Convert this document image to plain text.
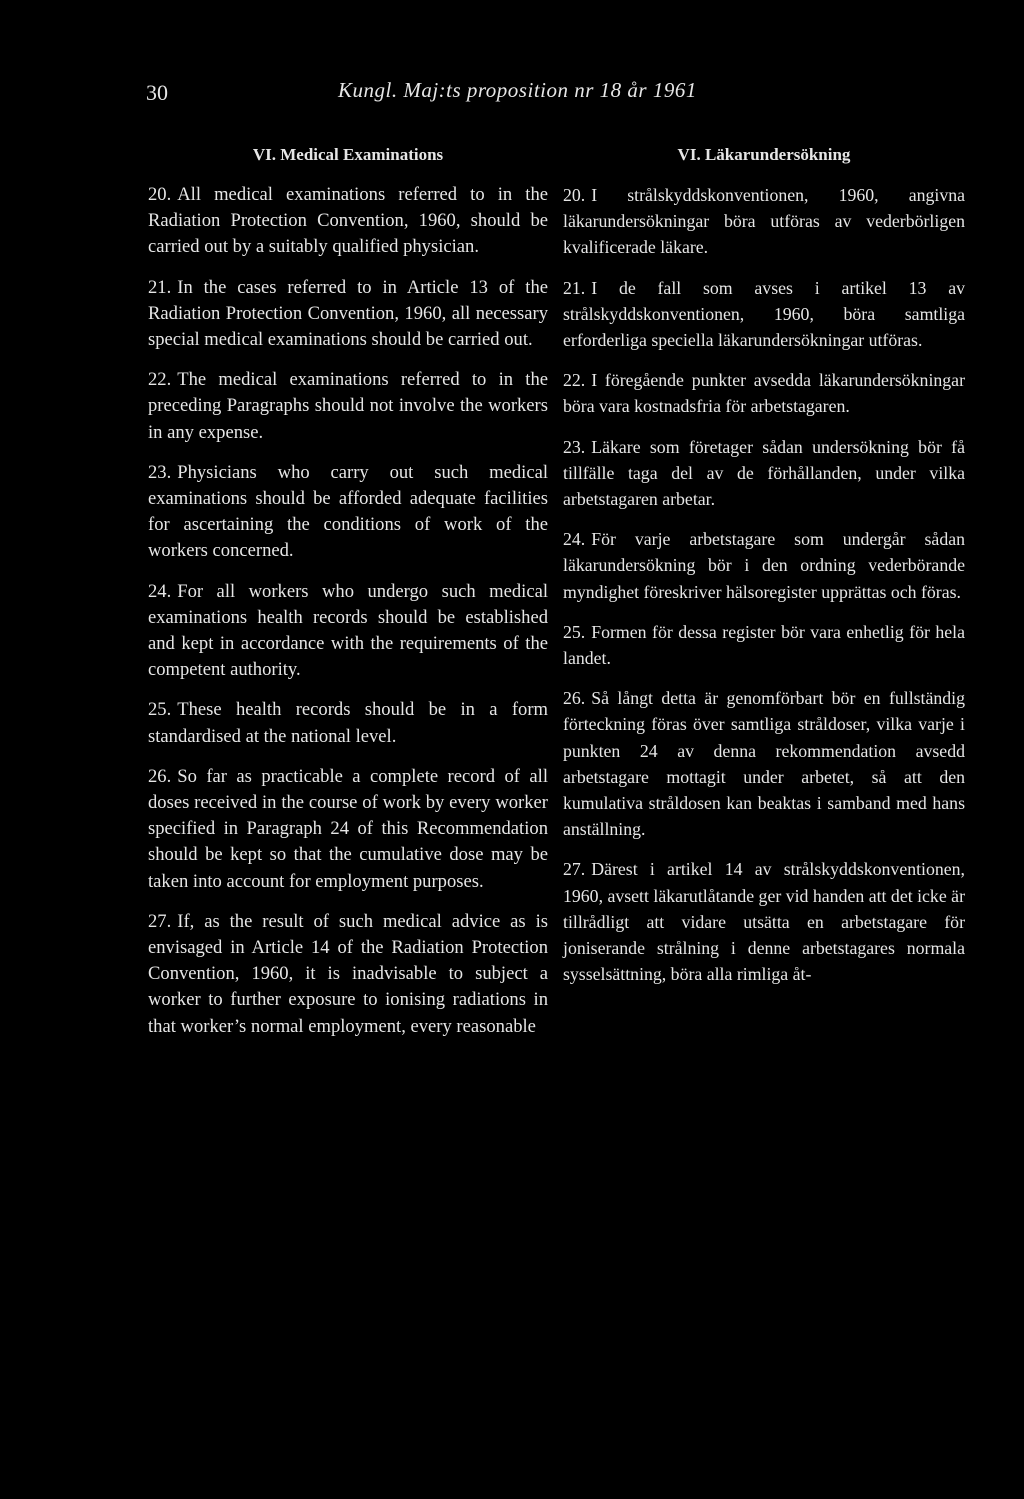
30	Kungl. Maj:ts proposition nr 18 år 1961
VI. Medical Examinations
20. All medical examinations referred to in the Radiation Protection Convention, 1960, should be carried out by a suitably qualified physician.
21. In the cases referred to in Article 13 of the Radiation Protection Convention, 1960, all necessary special medical examinations should be carried out.
22. The medical examinations referred to in the preceding Paragraphs should not involve the workers in any expense.
23. Physicians who carry out such medical examinations should be afforded adequate facilities for ascertaining the conditions of work of the workers concerned.
24. For all workers who undergo such medical examinations health records should be established and kept in accordance with the requirements of the competent authority.
25. These health records should be in a form standardised at the national level.
26. So far as practicable a complete record of all doses received in the course of work by every worker specified in Paragraph 24 of this Recommendation should be kept so that the cumulative dose may be taken into account for employment purposes.
27. If, as the result of such medical advice as is envisaged in Article 14 of the Radiation Protection Convention, 1960, it is inadvisable to subject a worker to further exposure to ionising radiations in that worker’s normal employment, every reasonable
VI. Läkarundersökning
20. I strålskyddskonventionen, 1960, angivna läkarundersökningar böra utföras av vederbörligen kvalificerade läkare.
21. I de fall som avses i artikel 13 av strålskyddskonventionen, 1960, böra samtliga erforderliga speciella läkarundersökningar utföras.
22. I föregående punkter avsedda läkarundersökningar böra vara kostnadsfria för arbetstagaren.
23. Läkare som företager sådan undersökning bör få tillfälle taga del av de förhållanden, under vilka arbetstagaren arbetar.
24. För varje arbetstagare som undergår sådan läkarundersökning bör i den ordning vederbörande myndighet föreskriver hälsoregister upprättas och föras.
25. Formen för dessa register bör vara enhetlig för hela landet.
26. Så långt detta är genomförbart bör en fullständig förteckning föras över samtliga stråldoser, vilka varje i punkten 24 av denna rekommendation avsedd arbetstagare mottagit under arbetet, så att den kumulativa stråldosen kan beaktas i samband med hans anställning.
27. Därest i artikel 14 av strålskyddskonventionen, 1960, avsett läkarutlåtande ger vid handen att det icke är tillrådligt att vidare utsätta en arbetstagare för joniserande strålning i denne arbetstagares normala sysselsättning, böra alla rimliga åt-
